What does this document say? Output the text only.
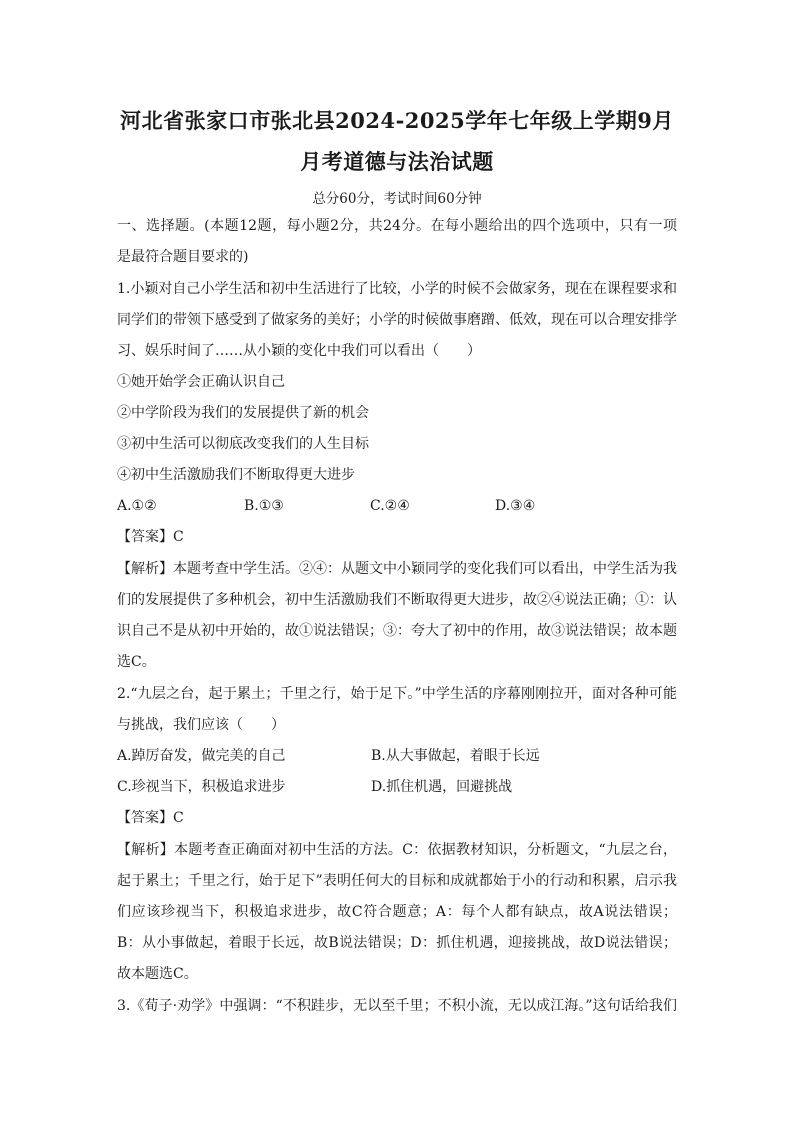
河北省张家口市张北县2024-2025学年七年级上学期9月
月考道德与法治试题
总分60分，考试时间60分钟
一、选择题。(本题12题，每小题2分，共24分。在每小题给出的四个选项中，只有一项
是最符合题目要求的)
1.小颖对自己小学生活和初中生活进行了比较，小学的时候不会做家务，现在在课程要求和
同学们的带领下感受到了做家务的美好；小学的时候做事磨蹭、低效，现在可以合理安排学
习、娱乐时间了……从小颖的变化中我们可以看出（　　）
①她开始学会正确认识自己
②中学阶段为我们的发展提供了新的机会
③初中生活可以彻底改变我们的人生目标
④初中生活激励我们不断取得更大进步
A.①②	B.①③	C.②④	D.③④
【答案】C
【解析】本题考查中学生活。②④：从题文中小颖同学的变化我们可以看出，中学生活为我
们的发展提供了多种机会，初中生活激励我们不断取得更大进步，故②④说法正确；①：认
识自己不是从初中开始的，故①说法错误；③：夸大了初中的作用，故③说法错误；故本题
选C。
2.“九层之台，起于累土；千里之行，始于足下。”中学生活的序幕刚刚拉开，面对各种可能
与挑战，我们应该（　　）
A.踔厉奋发，做完美的自己	B.从大事做起，着眼于长远
C.珍视当下，积极追求进步	D.抓住机遇，回避挑战
【答案】C
【解析】本题考查正确面对初中生活的方法。C：依据教材知识，分析题文，“九层之台，
起于累土；千里之行，始于足下”表明任何大的目标和成就都始于小的行动和积累，启示我
们应该珍视当下，积极追求进步，故C符合题意；A：每个人都有缺点，故A说法错误；
B：从小事做起，着眼于长远，故B说法错误；D：抓住机遇，迎接挑战，故D说法错误；
故本题选C。
3.《荀子·劝学》中强调：“不积跬步，无以至千里；不积小流，无以成江海。”这句话给我们
